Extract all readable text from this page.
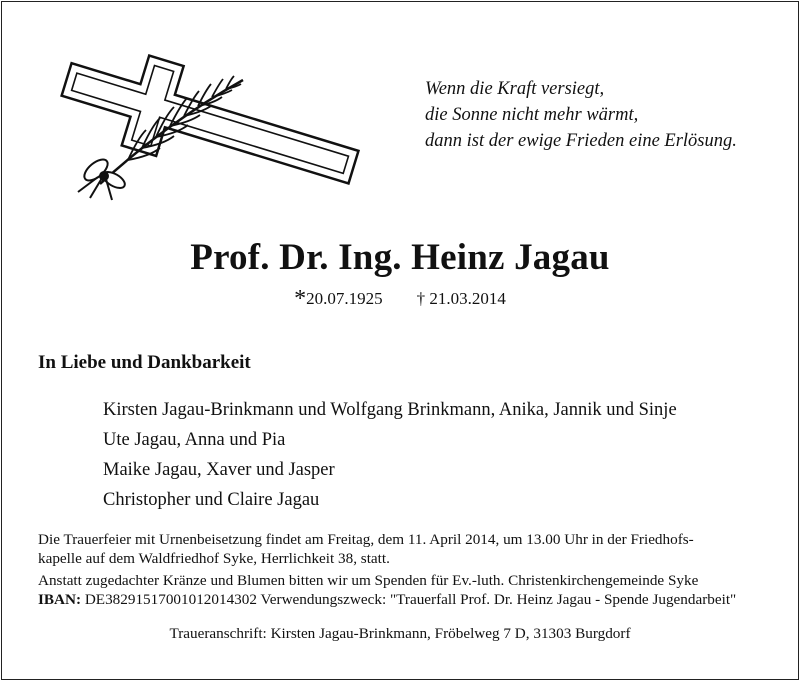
Wenn die Kraft versiegt,
die Sonne nicht mehr wärmt,
dann ist der ewige Frieden eine Erlösung.
Prof. Dr. Ing. Heinz Jagau
*20.07.1925 † 21.03.2014
In Liebe und Dankbarkeit
Kirsten Jagau-Brinkmann und Wolfgang Brinkmann, Anika, Jannik und Sinje
Ute Jagau, Anna und Pia
Maike Jagau, Xaver und Jasper
Christopher und Claire Jagau
Die Trauerfeier mit Urnenbeisetzung findet am Freitag, dem 11. April 2014, um 13.00 Uhr in der Friedhofs-
kapelle auf dem Waldfriedhof Syke, Herrlichkeit 38, statt.
Anstatt zugedachter Kränze und Blumen bitten wir um Spenden für Ev.-luth. Christenkirchengemeinde Syke
IBAN: DE38291517001012014302 Verwendungszweck: "Trauerfall Prof. Dr. Heinz Jagau - Spende Jugendarbeit"
Traueranschrift: Kirsten Jagau-Brinkmann, Fröbelweg 7 D, 31303 Burgdorf
